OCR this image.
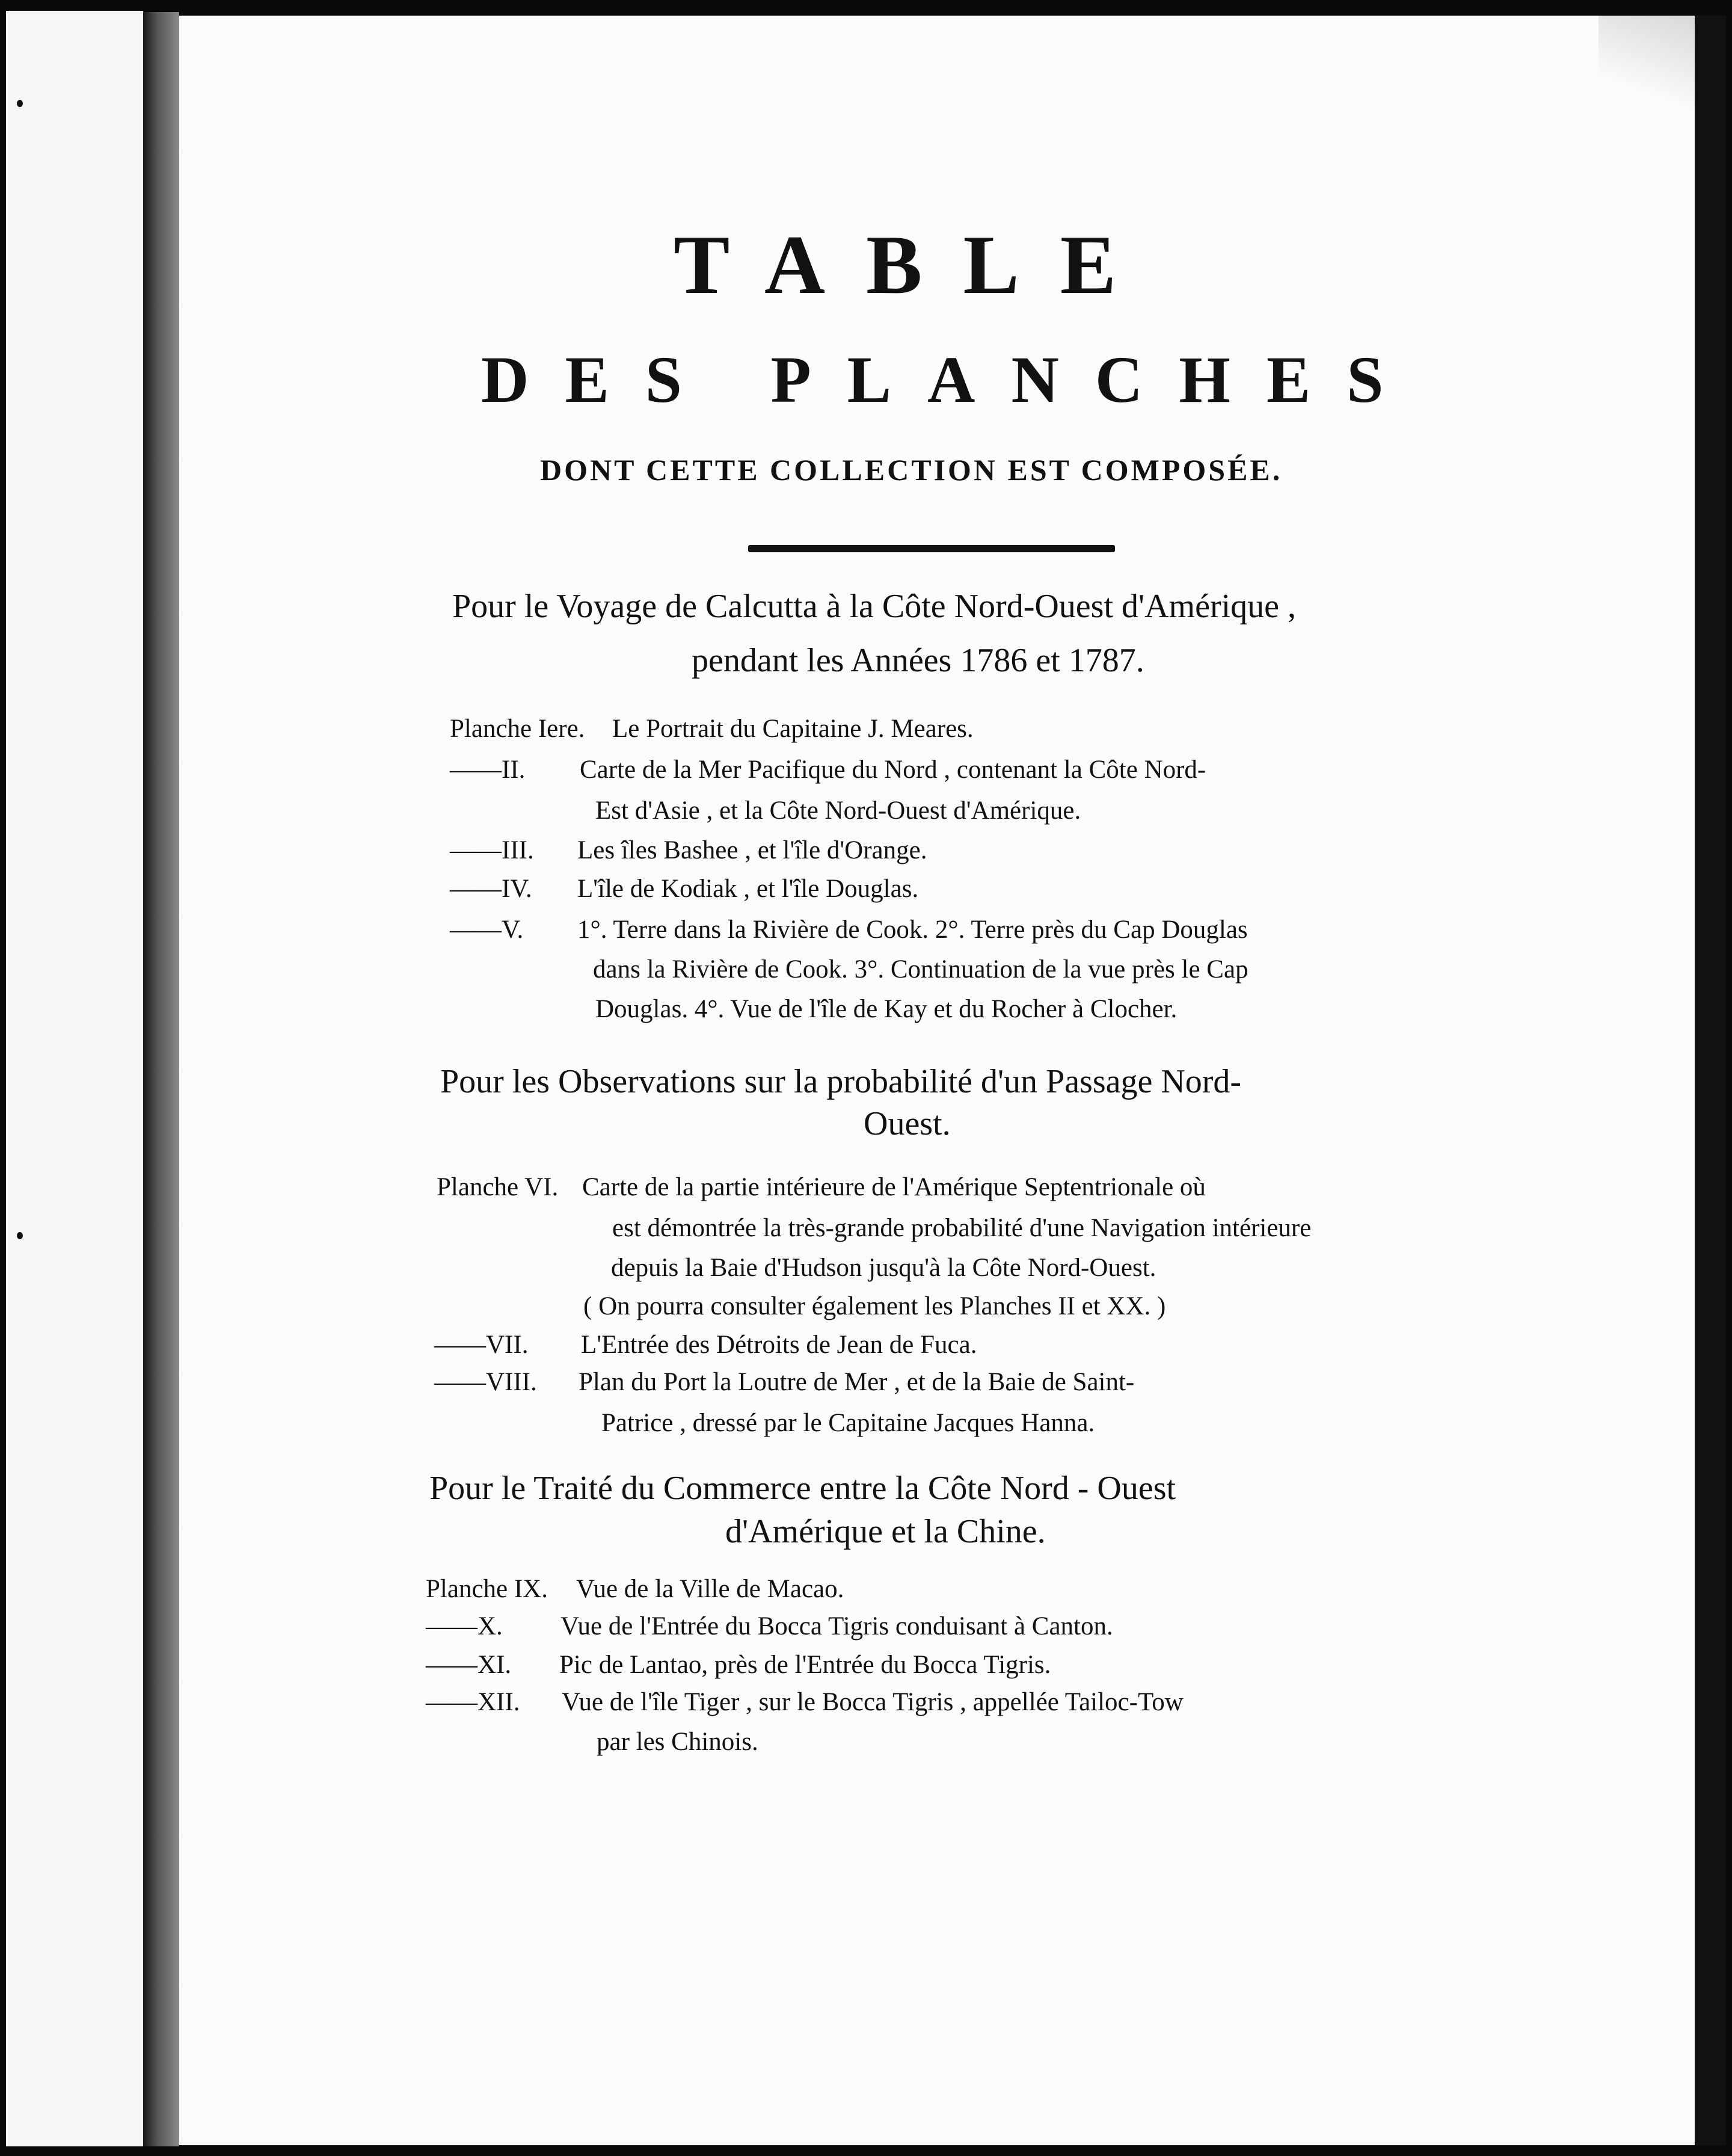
TABLE
DES PLANCHES
DONT CETTE COLLECTION EST COMPOSÉE.
Pour le Voyage de Calcutta à la Côte Nord-Ouest d'Amérique ,
pendant les Années 1786 et 1787.
Planche Iere. Le Portrait du Capitaine J. Meares.
——II. Carte de la Mer Pacifique du Nord , contenant la Côte Nord-
Est d'Asie , et la Côte Nord-Ouest d'Amérique.
——III. Les îles Bashee , et l'île d'Orange.
——IV. L'île de Kodiak , et l'île Douglas.
——V. 1°. Terre dans la Rivière de Cook. 2°. Terre près du Cap Douglas
dans la Rivière de Cook. 3°. Continuation de la vue près le Cap
Douglas. 4°. Vue de l'île de Kay et du Rocher à Clocher.
Pour les Observations sur la probabilité d'un Passage Nord-
Ouest.
Planche VI. Carte de la partie intérieure de l'Amérique Septentrionale où
est démontrée la très-grande probabilité d'une Navigation intérieure
depuis la Baie d'Hudson jusqu'à la Côte Nord-Ouest.
( On pourra consulter également les Planches II et XX. )
——VII. L'Entrée des Détroits de Jean de Fuca.
——VIII. Plan du Port la Loutre de Mer , et de la Baie de Saint-
Patrice , dressé par le Capitaine Jacques Hanna.
Pour le Traité du Commerce entre la Côte Nord - Ouest
d'Amérique et la Chine.
Planche IX. Vue de la Ville de Macao.
——X. Vue de l'Entrée du Bocca Tigris conduisant à Canton.
——XI. Pic de Lantao, près de l'Entrée du Bocca Tigris.
——XII. Vue de l'île Tiger , sur le Bocca Tigris , appellée Tailoc-Tow
par les Chinois.
